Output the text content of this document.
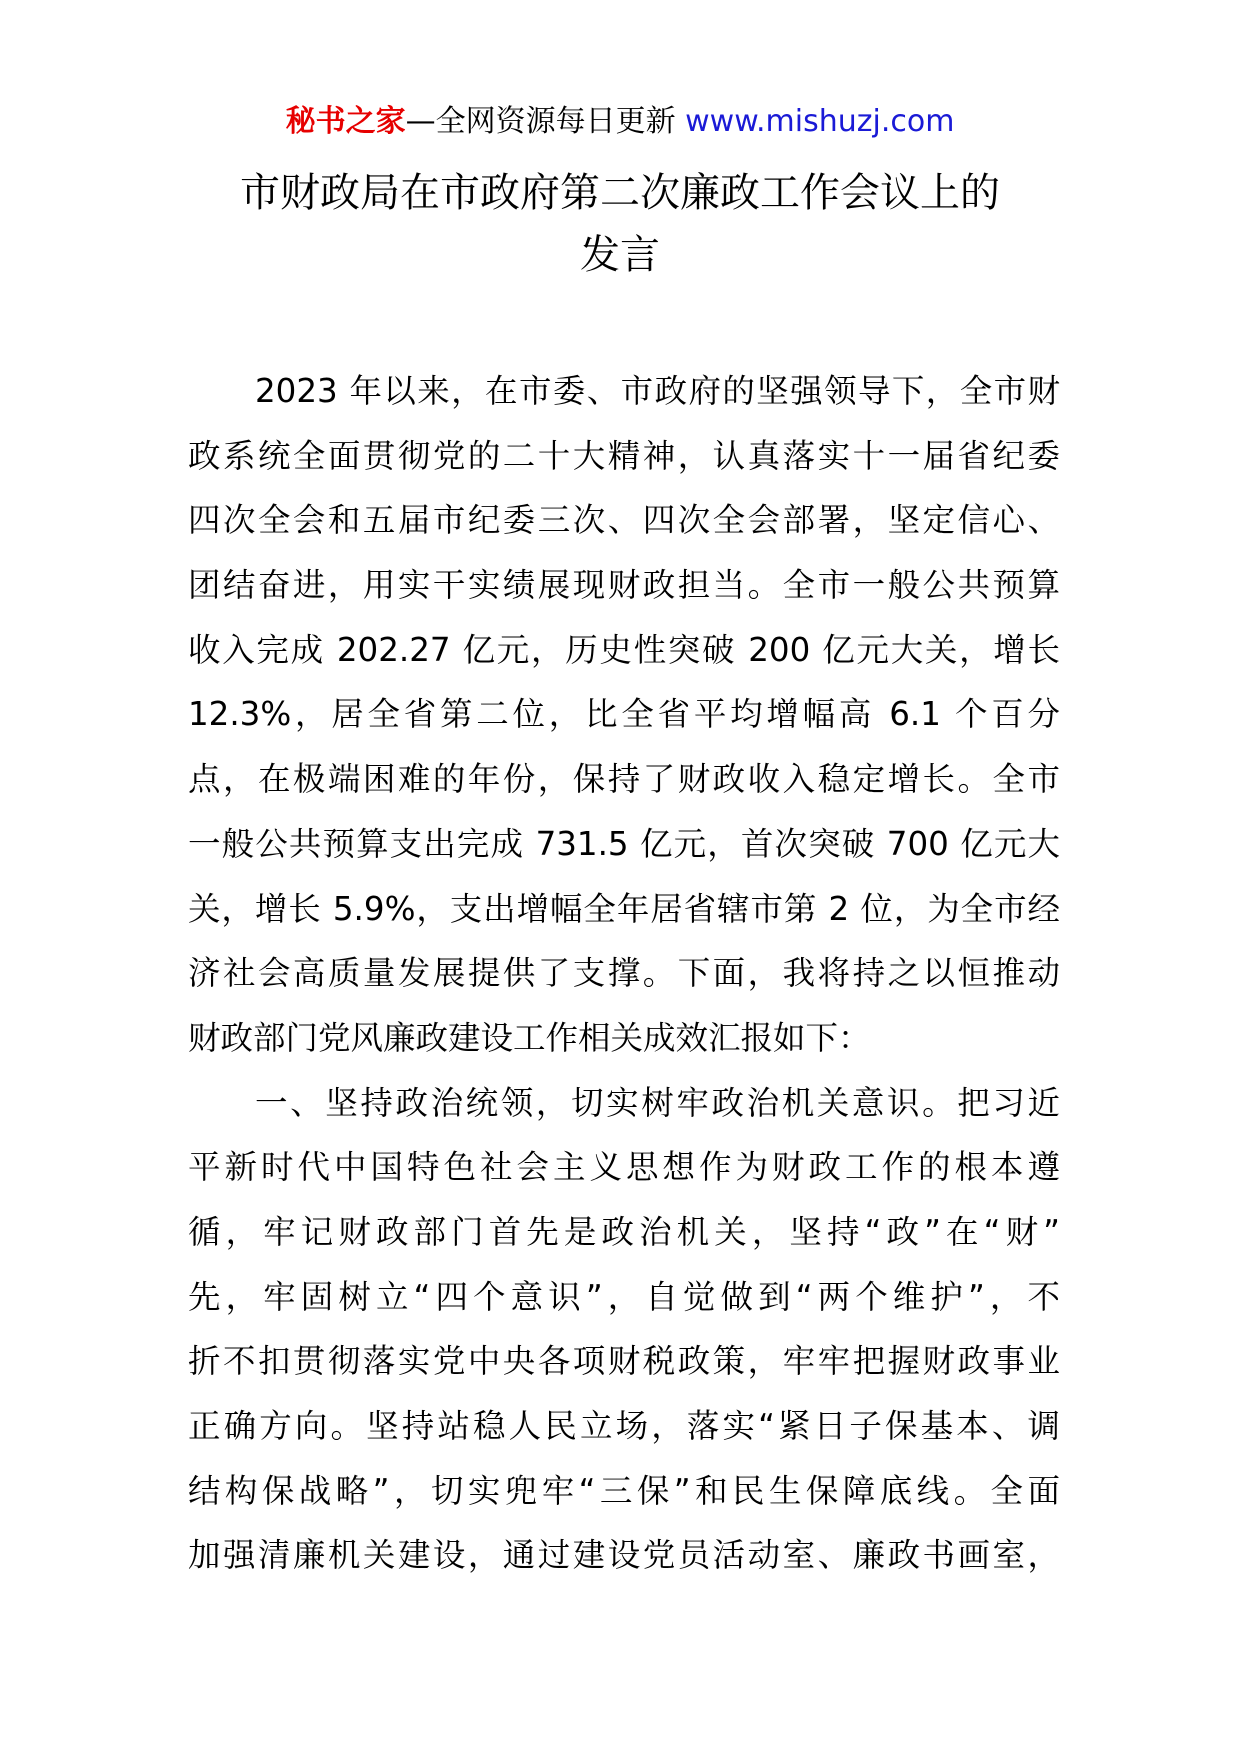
秘书之家—全网资源每日更新 www.mishuzj.com
市财政局在市政府第二次廉政工作会议上的
发言
2023 年以来，在市委、市政府的坚强领导下，全市财
政系统全面贯彻党的二十大精神，认真落实十一届省纪委
四次全会和五届市纪委三次、四次全会部署，坚定信心、
团结奋进，用实干实绩展现财政担当。全市一般公共预算
收入完成 202.27 亿元，历史性突破 200 亿元大关，增长
12.3%，居全省第二位，比全省平均增幅高 6.1 个百分
点，在极端困难的年份，保持了财政收入稳定增长。全市
一般公共预算支出完成 731.5 亿元，首次突破 700 亿元大
关，增长 5.9%，支出增幅全年居省辖市第 2 位，为全市经
济社会高质量发展提供了支撑。下面，我将持之以恒推动
财政部门党风廉政建设工作相关成效汇报如下：
一、坚持政治统领，切实树牢政治机关意识。把习近
平新时代中国特色社会主义思想作为财政工作的根本遵
循，牢记财政部门首先是政治机关，坚持“政”在“财”
先，牢固树立“四个意识”，自觉做到“两个维护”，不
折不扣贯彻落实党中央各项财税政策，牢牢把握财政事业
正确方向。坚持站稳人民立场，落实“紧日子保基本、调
结构保战略”，切实兜牢“三保”和民生保障底线。全面
加强清廉机关建设，通过建设党员活动室、廉政书画室，
